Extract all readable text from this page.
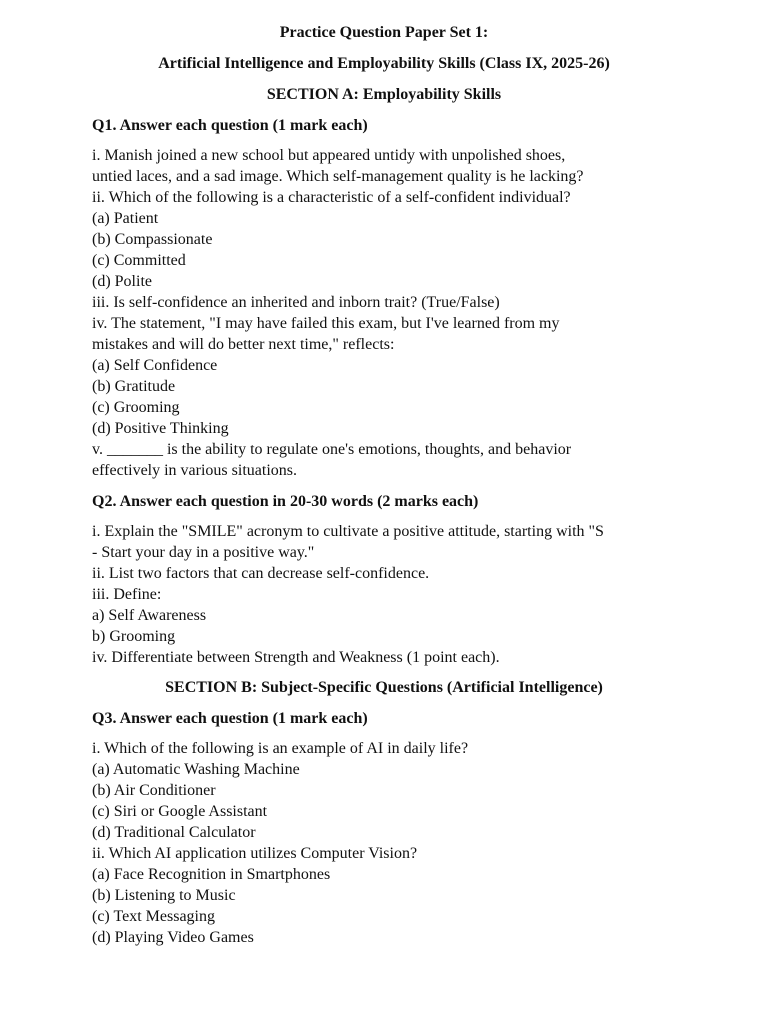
Practice Question Paper Set 1:
Artificial Intelligence and Employability Skills (Class IX, 2025-26)
SECTION A: Employability Skills
Q1. Answer each question (1 mark each)
i. Manish joined a new school but appeared untidy with unpolished shoes,
untied laces, and a sad image. Which self-management quality is he lacking?
ii. Which of the following is a characteristic of a self-confident individual?
(a) Patient
(b) Compassionate
(c) Committed
(d) Polite
iii. Is self-confidence an inherited and inborn trait? (True/False)
iv. The statement, "I may have failed this exam, but I've learned from my
mistakes and will do better next time," reflects:
(a) Self Confidence
(b) Gratitude
(c) Grooming
(d) Positive Thinking
v. _______ is the ability to regulate one's emotions, thoughts, and behavior
effectively in various situations.
Q2. Answer each question in 20-30 words (2 marks each)
i. Explain the "SMILE" acronym to cultivate a positive attitude, starting with "S
- Start your day in a positive way."
ii. List two factors that can decrease self-confidence.
iii. Define:
a) Self Awareness
b) Grooming
iv. Differentiate between Strength and Weakness (1 point each).
SECTION B: Subject-Specific Questions (Artificial Intelligence)
Q3. Answer each question (1 mark each)
i. Which of the following is an example of AI in daily life?
(a) Automatic Washing Machine
(b) Air Conditioner
(c) Siri or Google Assistant
(d) Traditional Calculator
ii. Which AI application utilizes Computer Vision?
(a) Face Recognition in Smartphones
(b) Listening to Music
(c) Text Messaging
(d) Playing Video Games
